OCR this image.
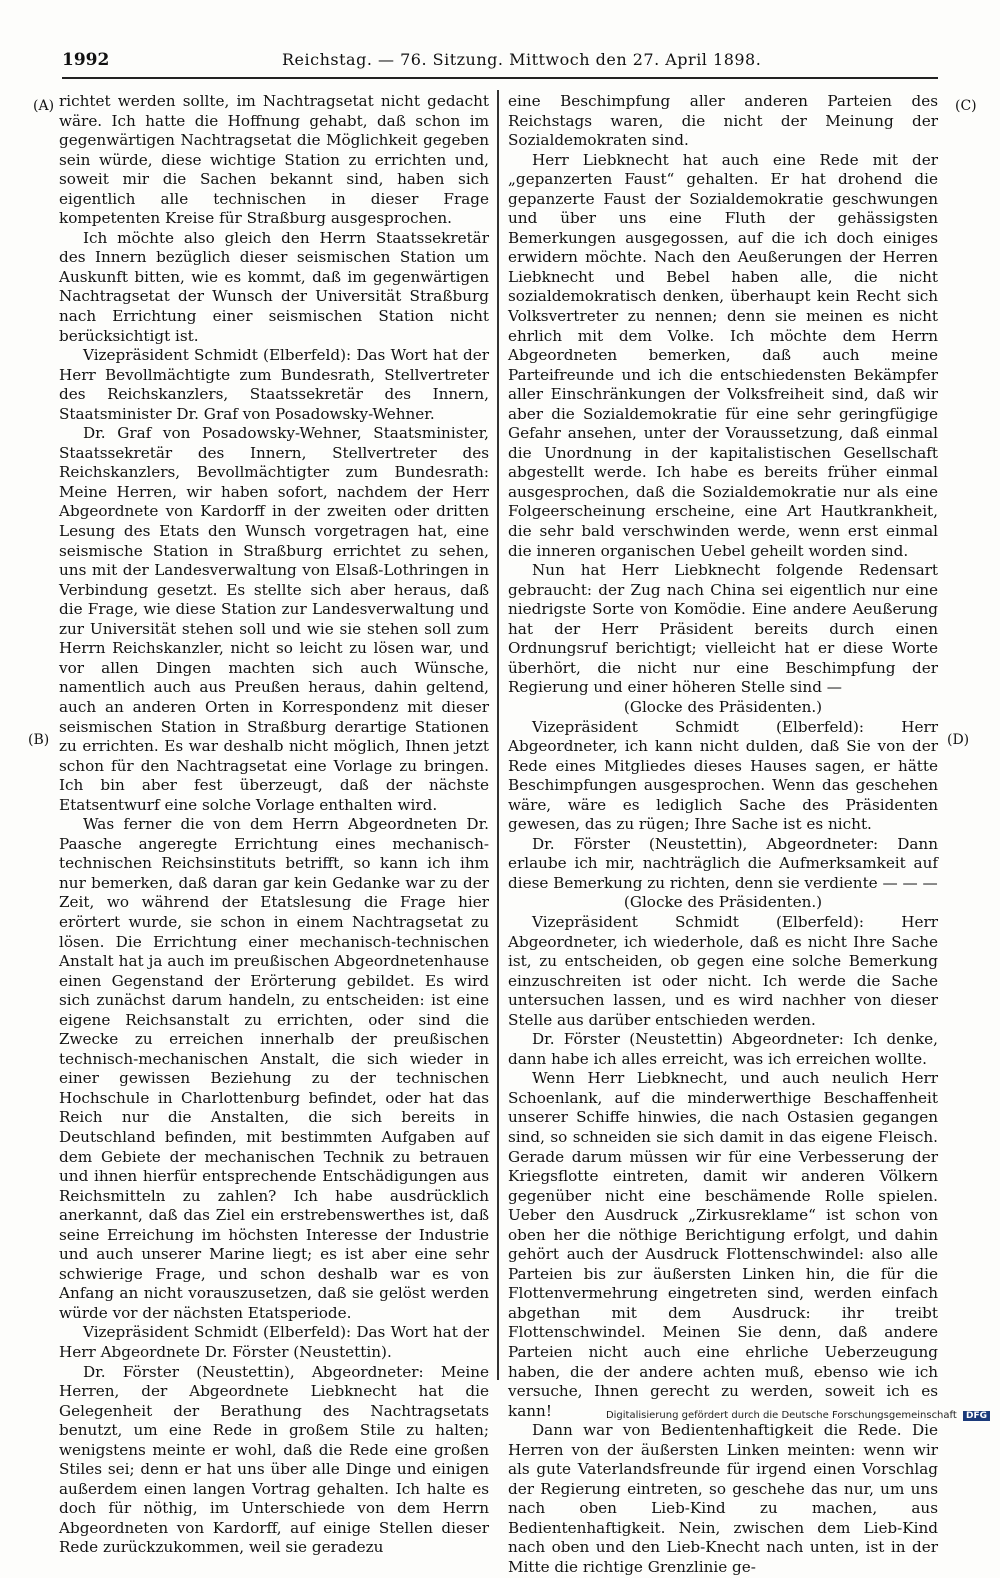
1992	Reichstag. — 76. Sitzung. Mittwoch den 27. April 1898.
(A)	(C)
(B)	(D)

richtet werden sollte, im Nachtragsetat nicht gedacht wäre. Ich hatte die Hoffnung gehabt, daß schon im gegenwärtigen Nachtragsetat die Möglichkeit gegeben sein würde, diese wichtige Station zu errichten und, soweit mir die Sachen bekannt sind, haben sich eigentlich alle technischen in dieser Frage kompetenten Kreise für Straßburg ausgesprochen.

Ich möchte also gleich den Herrn Staatssekretär des Innern bezüglich dieser seismischen Station um Auskunft bitten, wie es kommt, daß im gegenwärtigen Nachtragsetat der Wunsch der Universität Straßburg nach Errichtung einer seismischen Station nicht berücksichtigt ist.

Vizepräsident Schmidt (Elberfeld): Das Wort hat der Herr Bevollmächtigte zum Bundesrath, Stellvertreter des Reichskanzlers, Staatssekretär des Innern, Staatsminister Dr. Graf von Posadowsky-Wehner.

Dr. Graf von Posadowsky-Wehner, Staatsminister, Staatssekretär des Innern, Stellvertreter des Reichskanzlers, Bevollmächtigter zum Bundesrath: Meine Herren, wir haben sofort, nachdem der Herr Abgeordnete von Kardorff in der zweiten oder dritten Lesung des Etats den Wunsch vorgetragen hat, eine seismische Station in Straßburg errichtet zu sehen, uns mit der Landesverwaltung von Elsaß-Lothringen in Verbindung gesetzt. Es stellte sich aber heraus, daß die Frage, wie diese Station zur Landesverwaltung und zur Universität stehen soll und wie sie stehen soll zum Herrn Reichskanzler, nicht so leicht zu lösen war, und vor allen Dingen machten sich auch Wünsche, namentlich auch aus Preußen heraus, dahin geltend, auch an anderen Orten in Korrespondenz mit dieser seismischen Station in Straßburg derartige Stationen zu errichten. Es war deshalb nicht möglich, Ihnen jetzt schon für den Nachtragsetat eine Vorlage zu bringen. Ich bin aber fest überzeugt, daß der nächste Etatsentwurf eine solche Vorlage enthalten wird.

Was ferner die von dem Herrn Abgeordneten Dr. Paasche angeregte Errichtung eines mechanisch-technischen Reichsinstituts betrifft, so kann ich ihm nur bemerken, daß daran gar kein Gedanke war zu der Zeit, wo während der Etatslesung die Frage hier erörtert wurde, sie schon in einem Nachtragsetat zu lösen. Die Errichtung einer mechanisch-technischen Anstalt hat ja auch im preußischen Abgeordnetenhause einen Gegenstand der Erörterung gebildet. Es wird sich zunächst darum handeln, zu entscheiden: ist eine eigene Reichsanstalt zu errichten, oder sind die Zwecke zu erreichen innerhalb der preußischen technisch-mechanischen Anstalt, die sich wieder in einer gewissen Beziehung zu der technischen Hochschule in Charlottenburg befindet, oder hat das Reich nur die Anstalten, die sich bereits in Deutschland befinden, mit bestimmten Aufgaben auf dem Gebiete der mechanischen Technik zu betrauen und ihnen hierfür entsprechende Entschädigungen aus Reichsmitteln zu zahlen? Ich habe ausdrücklich anerkannt, daß das Ziel ein erstrebenswerthes ist, daß seine Erreichung im höchsten Interesse der Industrie und auch unserer Marine liegt; es ist aber eine sehr schwierige Frage, und schon deshalb war es von Anfang an nicht vorauszusetzen, daß sie gelöst werden würde vor der nächsten Etatsperiode.

Vizepräsident Schmidt (Elberfeld): Das Wort hat der Herr Abgeordnete Dr. Förster (Neustettin).

Dr. Förster (Neustettin), Abgeordneter: Meine Herren, der Abgeordnete Liebknecht hat die Gelegenheit der Berathung des Nachtragsetats benutzt, um eine Rede in großem Stile zu halten; wenigstens meinte er wohl, daß die Rede eine großen Stiles sei; denn er hat uns über alle Dinge und einigen außerdem einen langen Vortrag gehalten. Ich halte es doch für nöthig, im Unterschiede von dem Herrn Abgeordneten von Kardorff, auf einige Stellen dieser Rede zurückzukommen, weil sie geradezu

eine Beschimpfung aller anderen Parteien des Reichstags waren, die nicht der Meinung der Sozialdemokraten sind.

Herr Liebknecht hat auch eine Rede mit der „gepanzerten Faust“ gehalten. Er hat drohend die gepanzerte Faust der Sozialdemokratie geschwungen und über uns eine Fluth der gehässigsten Bemerkungen ausgegossen, auf die ich doch einiges erwidern möchte. Nach den Aeußerungen der Herren Liebknecht und Bebel haben alle, die nicht sozialdemokratisch denken, überhaupt kein Recht sich Volksvertreter zu nennen; denn sie meinen es nicht ehrlich mit dem Volke. Ich möchte dem Herrn Abgeordneten bemerken, daß auch meine Parteifreunde und ich die entschiedensten Bekämpfer aller Einschränkungen der Volksfreiheit sind, daß wir aber die Sozialdemokratie für eine sehr geringfügige Gefahr ansehen, unter der Voraussetzung, daß einmal die Unordnung in der kapitalistischen Gesellschaft abgestellt werde. Ich habe es bereits früher einmal ausgesprochen, daß die Sozialdemokratie nur als eine Folgeerscheinung erscheine, eine Art Hautkrankheit, die sehr bald verschwinden werde, wenn erst einmal die inneren organischen Uebel geheilt worden sind.

Nun hat Herr Liebknecht folgende Redensart gebraucht: der Zug nach China sei eigentlich nur eine niedrigste Sorte von Komödie. Eine andere Aeußerung hat der Herr Präsident bereits durch einen Ordnungsruf berichtigt; vielleicht hat er diese Worte überhört, die nicht nur eine Beschimpfung der Regierung und einer höheren Stelle sind —

(Glocke des Präsidenten.)

Vizepräsident Schmidt (Elberfeld): Herr Abgeordneter, ich kann nicht dulden, daß Sie von der Rede eines Mitgliedes dieses Hauses sagen, er hätte Beschimpfungen ausgesprochen. Wenn das geschehen wäre, wäre es lediglich Sache des Präsidenten gewesen, das zu rügen; Ihre Sache ist es nicht.

Dr. Förster (Neustettin), Abgeordneter: Dann erlaube ich mir, nachträglich die Aufmerksamkeit auf diese Bemerkung zu richten, denn sie verdiente — — —

(Glocke des Präsidenten.)

Vizepräsident Schmidt (Elberfeld): Herr Abgeordneter, ich wiederhole, daß es nicht Ihre Sache ist, zu entscheiden, ob gegen eine solche Bemerkung einzuschreiten ist oder nicht. Ich werde die Sache untersuchen lassen, und es wird nachher von dieser Stelle aus darüber entschieden werden.

Dr. Förster (Neustettin) Abgeordneter: Ich denke, dann habe ich alles erreicht, was ich erreichen wollte.

Wenn Herr Liebknecht, und auch neulich Herr Schoenlank, auf die minderwerthige Beschaffenheit unserer Schiffe hinwies, die nach Ostasien gegangen sind, so schneiden sie sich damit in das eigene Fleisch. Gerade darum müssen wir für eine Verbesserung der Kriegsflotte eintreten, damit wir anderen Völkern gegenüber nicht eine beschämende Rolle spielen. Ueber den Ausdruck „Zirkusreklame“ ist schon von oben her die nöthige Berichtigung erfolgt, und dahin gehört auch der Ausdruck Flottenschwindel: also alle Parteien bis zur äußersten Linken hin, die für die Flottenvermehrung eingetreten sind, werden einfach abgethan mit dem Ausdruck: ihr treibt Flottenschwindel. Meinen Sie denn, daß andere Parteien nicht auch eine ehrliche Ueberzeugung haben, die der andere achten muß, ebenso wie ich versuche, Ihnen gerecht zu werden, soweit ich es kann!

Dann war von Bedientenhaftigkeit die Rede. Die Herren von der äußersten Linken meinten: wenn wir als gute Vaterlandsfreunde für irgend einen Vorschlag der Regierung eintreten, so geschehe das nur, um uns nach oben Lieb-Kind zu machen, aus Bedientenhaftigkeit. Nein, zwischen dem Lieb-Kind nach oben und den Lieb-Knecht nach unten, ist in der Mitte die richtige Grenzlinie ge-

Digitalisierung gefördert durch die Deutsche Forschungsgemeinschaft DFG
